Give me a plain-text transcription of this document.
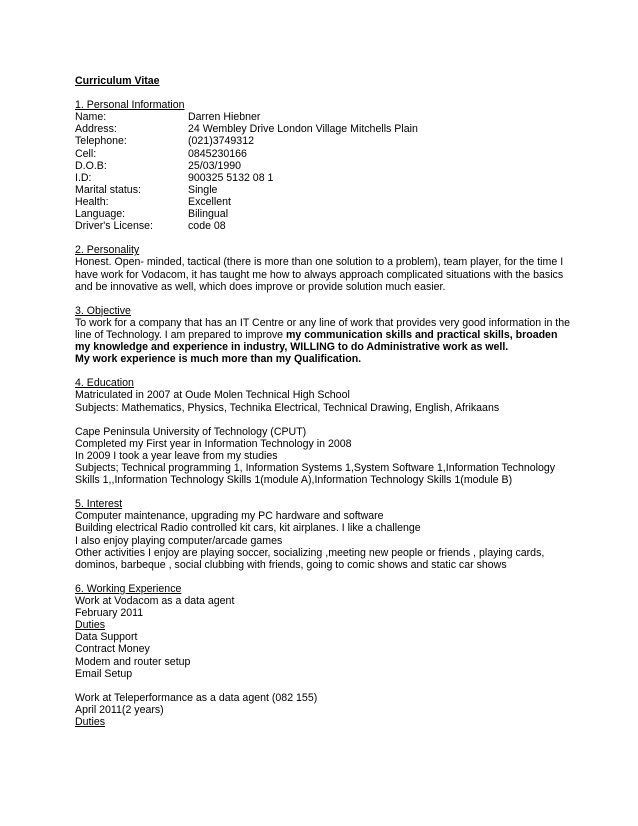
Curriculum Vitae
1. Personal Information
Name:	Darren Hiebner
Address:	24 Wembley Drive London Village Mitchells Plain
Telephone:	(021)3749312
Cell:	0845230166
D.O.B:	25/03/1990
I.D:	900325 5132 08 1
Marital status:	Single
Health:	Excellent
Language:	Bilingual
Driver's License:	code 08
2. Personality
Honest. Open- minded, tactical (there is more than one solution to a problem), team player, for the time I
have work for Vodacom, it has taught me how to always approach complicated situations with the basics
and be innovative as well, which does improve or provide solution much easier.
3. Objective
To work for a company that has an IT Centre or any line of work that provides very good information in the
line of Technology. I am prepared to improve my communication skills and practical skills, broaden
my knowledge and experience in industry, WILLING to do Administrative work as well.
My work experience is much more than my Qualification.
4. Education
Matriculated in 2007 at Oude Molen Technical High School
Subjects: Mathematics, Physics, Technika Electrical, Technical Drawing, English, Afrikaans
Cape Peninsula University of Technology (CPUT)
Completed my First year in Information Technology in 2008
In 2009 I took a year leave from my studies
Subjects; Technical programming 1, Information Systems 1,System Software 1,Information Technology
Skills 1,,Information Technology Skills 1(module A),Information Technology Skills 1(module B)
5. Interest
Computer maintenance, upgrading my PC hardware and software
Building electrical Radio controlled kit cars, kit airplanes. I like a challenge
I also enjoy playing computer/arcade games
Other activities I enjoy are playing soccer, socializing ,meeting new people or friends , playing cards,
dominos, barbeque , social clubbing with friends, going to comic shows and static car shows
6. Working Experience
Work at Vodacom as a data agent
February 2011
Duties
Data Support
Contract Money
Modem and router setup
Email Setup
Work at Teleperformance as a data agent (082 155)
April 2011(2 years)
Duties
